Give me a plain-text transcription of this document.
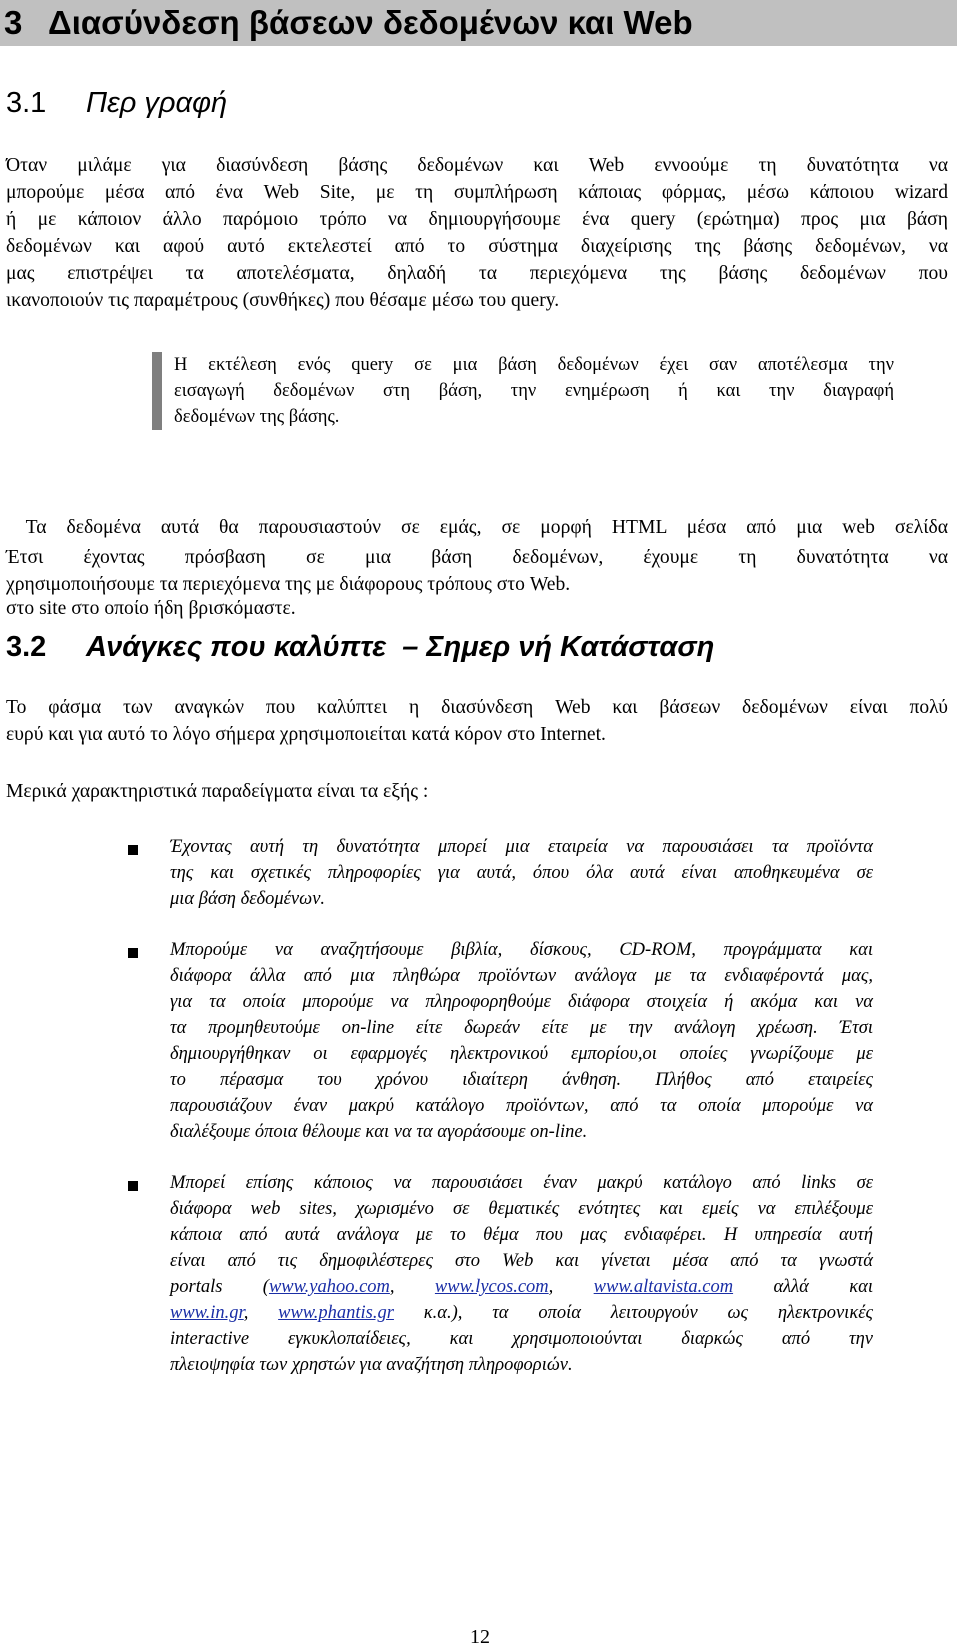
3 Διασύνδεση βάσεων δεδομένων και Web
3.1 Περ γραφή
Όταν μιλάμε για διασύνδεση βάσης δεδομένων και Web εννοούμε τη δυνατότητα να
μπορούμε μέσα από ένα Web Site, με τη συμπλήρωση κάποιας φόρμας, μέσω κάποιου wizard
ή με κάποιον άλλο παρόμοιο τρόπο να δημιουργήσουμε ένα query (ερώτημα) προς μια βάση
δεδομένων και αφού αυτό εκτελεστεί από το σύστημα διαχείρισης της βάσης δεδομένων, να
μας επιστρέψει τα αποτελέσματα, δηλαδή τα περιεχόμενα της βάσης δεδομένων που
ικανοποιούν τις παραμέτρους (συνθήκες) που θέσαμε μέσω του query.
Η εκτέλεση ενός query σε μια βάση δεδομένων έχει σαν αποτέλεσμα την
εισαγωγή δεδομένων στη βάση, την ενημέρωση ή και την διαγραφή
δεδομένων της βάσης.

Τα δεδομένα αυτά θα παρουσιαστούν σε εμάς, σε μορφή HTML μέσα από μια web σελίδα

στο site στο οποίο ήδη βρισκόμαστε.

Έτσι έχοντας πρόσβαση σε μια βάση δεδομένων, έχουμε τη δυνατότητα να
χρησιμοποιήσουμε τα περιεχόμενα της με διάφορους τρόπους στο Web.
3.2 Ανάγκες που καλύπτε  – Σημερ νή Κατάσταση
Το φάσμα των αναγκών που καλύπτει η διασύνδεση Web και βάσεων δεδομένων είναι πολύ
ευρύ και για αυτό το λόγο σήμερα χρησιμοποιείται κατά κόρον στο Internet.
Μερικά χαρακτηριστικά παραδείγματα είναι τα εξής :
Έχοντας αυτή τη δυνατότητα μπορεί μια εταιρεία να παρουσιάσει τα προϊόντα
της και σχετικές πληροφορίες για αυτά, όπου όλα αυτά είναι αποθηκευμένα σε
μια βάση δεδομένων.
Μπορούμε να αναζητήσουμε βιβλία, δίσκους, CD-ROM, προγράμματα και
διάφορα άλλα από μια πληθώρα προϊόντων ανάλογα με τα ενδιαφέροντά μας,
για τα οποία μπορούμε να πληροφορηθούμε διάφορα στοιχεία ή ακόμα και να
τα προμηθευτούμε on-line είτε δωρεάν είτε με την ανάλογη χρέωση. Έτσι
δημιουργήθηκαν οι εφαρμογές ηλεκτρονικού εμπορίου,οι οποίες γνωρίζουμε με
το πέρασμα του χρόνου ιδιαίτερη άνθηση. Πλήθος από εταιρείες
παρουσιάζουν έναν μακρύ κατάλογο προϊόντων, από τα οποία μπορούμε να
διαλέξουμε όποια θέλουμε και να τα αγοράσουμε on-line.
Μπορεί επίσης κάποιος να παρουσιάσει έναν μακρύ κατάλογο από links σε
διάφορα web sites, χωρισμένο σε θεματικές ενότητες και εμείς να επιλέξουμε
κάποια από αυτά ανάλογα με το θέμα που μας ενδιαφέρει. Η υπηρεσία αυτή
είναι από τις δημοφιλέστερες στο Web και γίνεται μέσα από τα γνωστά
portals (www.yahoo.com, www.lycos.com, www.altavista.com αλλά και
www.in.gr, www.phantis.gr κ.α.), τα οποία λειτουργούν ως ηλεκτρονικές
interactive εγκυκλοπαίδειες, και χρησιμοποιούνται διαρκώς από την
πλειοψηφία των χρηστών για αναζήτηση πληροφοριών.
12
